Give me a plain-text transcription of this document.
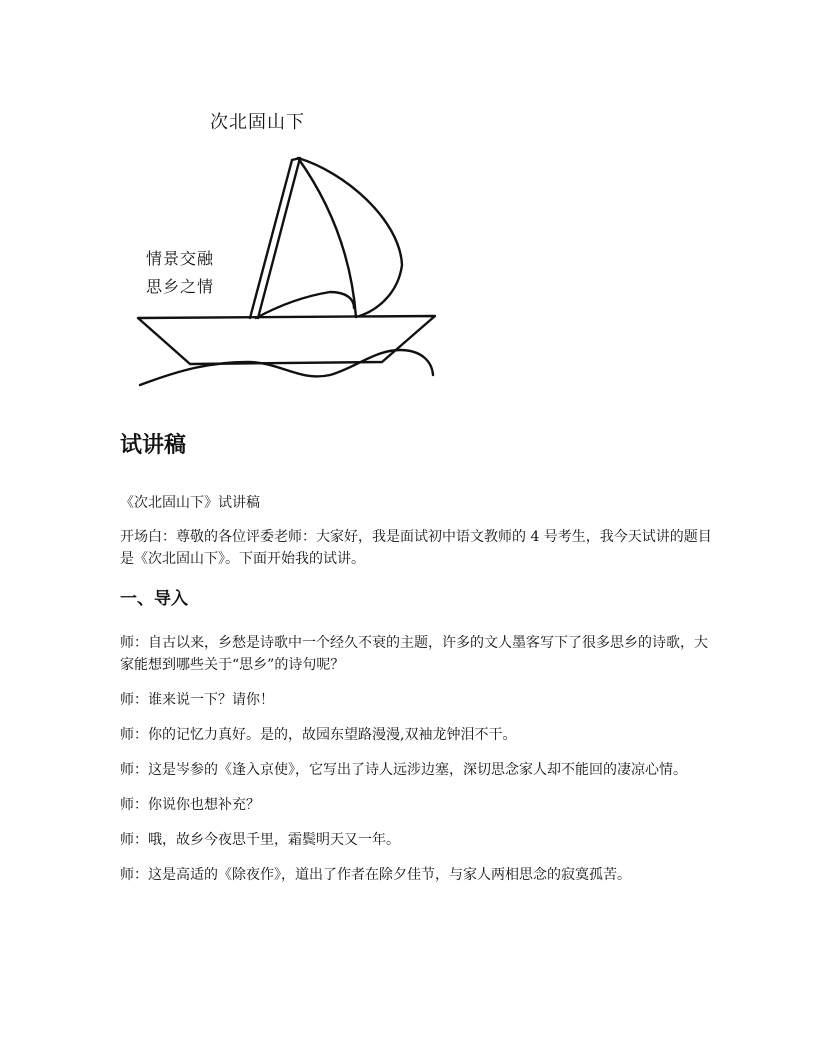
次北固山下
情景交融
思乡之情
试讲稿

《次北固山下》试讲稿

开场白：尊敬的各位评委老师：大家好，我是面试初中语文教师的 4 号考生，我今天试讲的题目是《次北固山下》。下面开始我的试讲。

一、导入

师：自古以来，乡愁是诗歌中一个经久不衰的主题，许多的文人墨客写下了很多思乡的诗歌，大家能想到哪些关于“思乡”的诗句呢？

师：谁来说一下？请你！

师：你的记忆力真好。是的，故园东望路漫漫,双袖龙钟泪不干。

师：这是岑参的《逢入京使》，它写出了诗人远涉边塞，深切思念家人却不能回的凄凉心情。

师：你说你也想补充？

师：哦，故乡今夜思千里，霜鬓明天又一年。

师：这是高适的《除夜作》，道出了作者在除夕佳节，与家人两相思念的寂寞孤苦。
